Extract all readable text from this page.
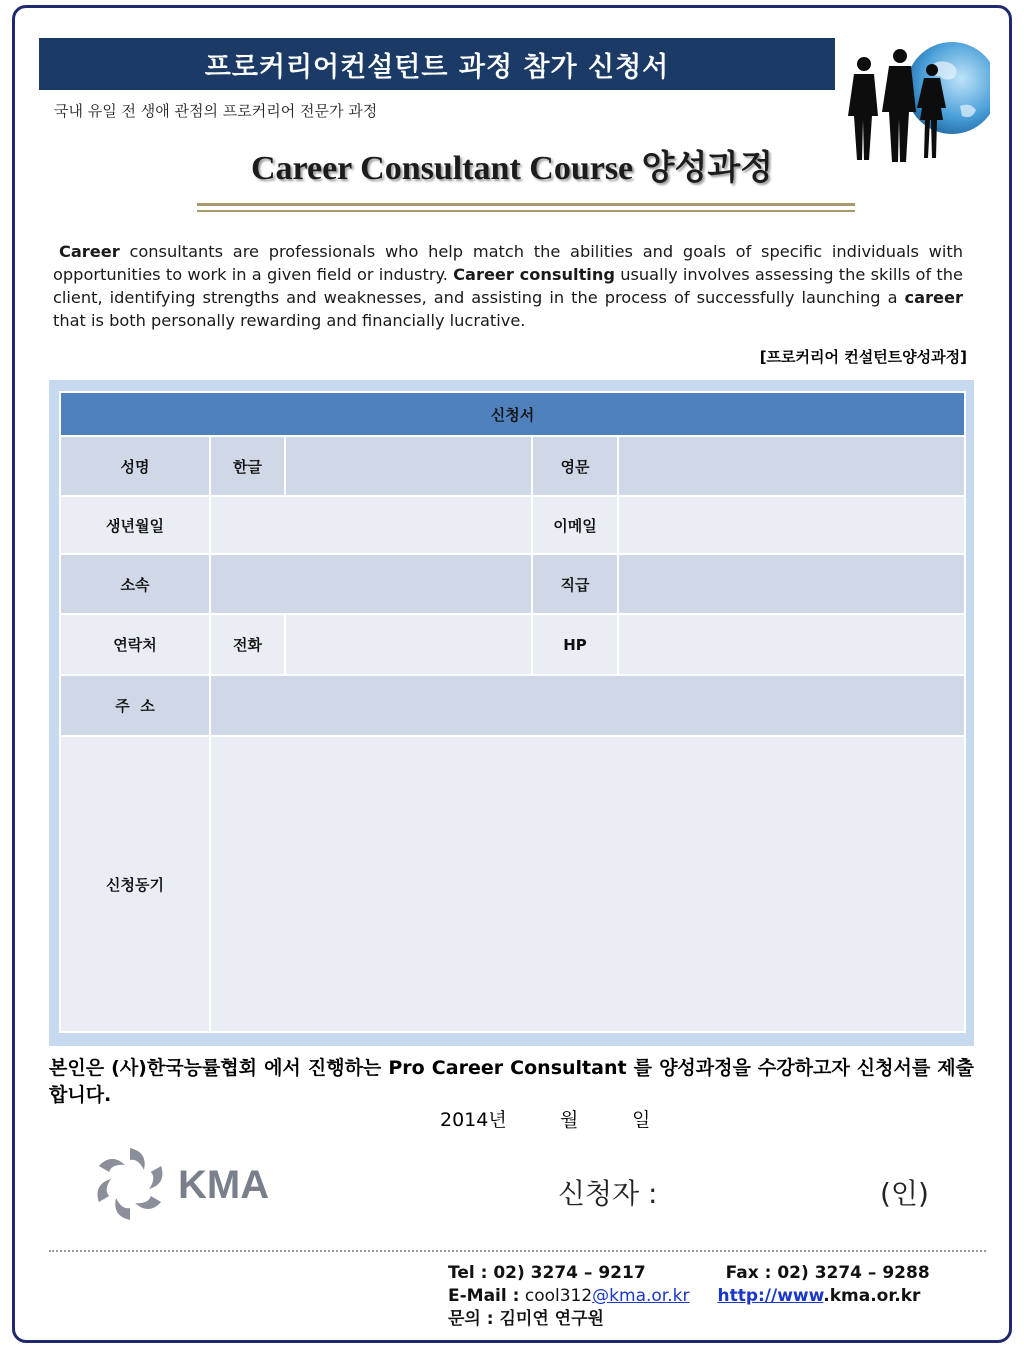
프로커리어컨설턴트 과정 참가 신청서
국내 유일 전 생애 관점의 프로커리어 전문가 과정
Career Consultant Course 양성과정
Career consultants are professionals who help match the abilities and goals of specific individuals with opportunities to work in a given field or industry. Career consulting usually involves assessing the skills of the client, identifying strengths and weaknesses, and assisting in the process of successfully launching a career that is both personally rewarding and financially lucrative.
[프로커리어 컨설턴트양성과정]
신청서				
성명	한글		영문	
생년월일			이메일	
소속			직급	
연락처	전화		HP	
주  소				
신청동기				
본인은 (사)한국능률협회 에서 진행하는 Pro Career Consultant 를 양성과정을 수강하고자 신청서를 제출합니다.
2014년	월	일
KMA	신청자 :	(인)
Tel : 02) 3274 – 9217	Fax : 02) 3274 – 9288
E-Mail : cool312@kma.or.kr http://www.kma.or.kr
문의 : 김미연 연구원
